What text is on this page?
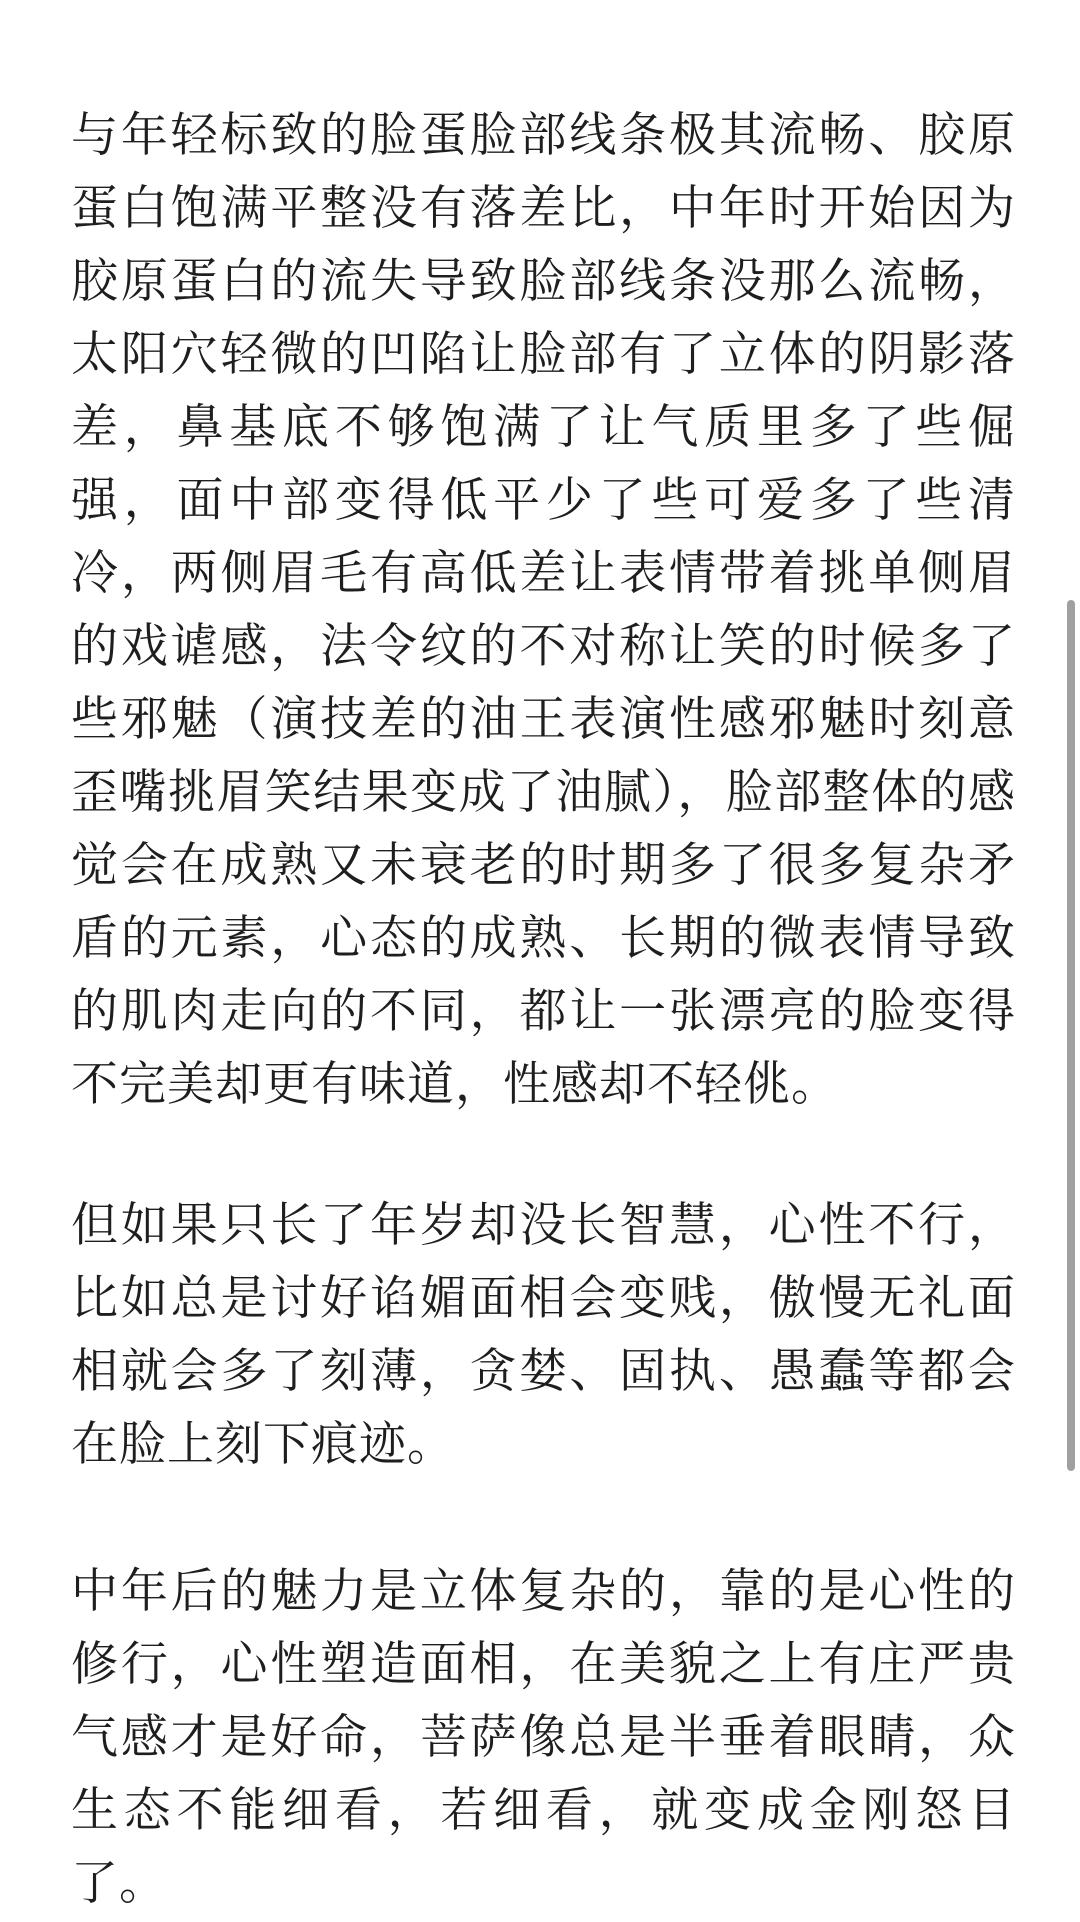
与年轻标致的脸蛋脸部线条极其流畅、胶原蛋白饱满平整没有落差比，中年时开始因为胶原蛋白的流失导致脸部线条没那么流畅，太阳穴轻微的凹陷让脸部有了立体的阴影落差，鼻基底不够饱满了让气质里多了些倔强，面中部变得低平少了些可爱多了些清冷，两侧眉毛有高低差让表情带着挑单侧眉的戏谑感，法令纹的不对称让笑的时候多了些邪魅（演技差的油王表演性感邪魅时刻意歪嘴挑眉笑结果变成了油腻），脸部整体的感觉会在成熟又未衰老的时期多了很多复杂矛盾的元素，心态的成熟、长期的微表情导致的肌肉走向的不同，都让一张漂亮的脸变得不完美却更有味道，性感却不轻佻。

但如果只长了年岁却没长智慧，心性不行，比如总是讨好谄媚面相会变贱，傲慢无礼面相就会多了刻薄，贪婪、固执、愚蠢等都会在脸上刻下痕迹。

中年后的魅力是立体复杂的，靠的是心性的修行，心性塑造面相，在美貌之上有庄严贵气感才是好命，菩萨像总是半垂着眼睛，众生态不能细看，若细看，就变成金刚怒目了。
